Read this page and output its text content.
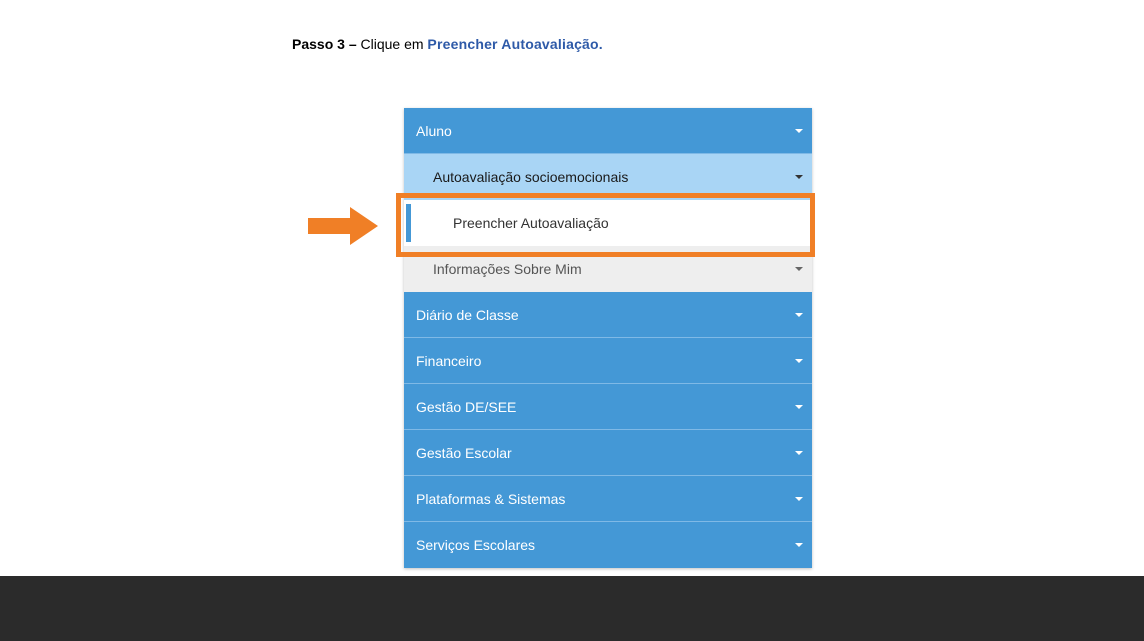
Passo 3 – Clique em Preencher Autoavaliação.
Aluno
Autoavaliação socioemocionais
Preencher Autoavaliação
Informações Sobre Mim
Diário de Classe
Financeiro
Gestão DE/SEE
Gestão Escolar
Plataformas & Sistemas
Serviços Escolares
